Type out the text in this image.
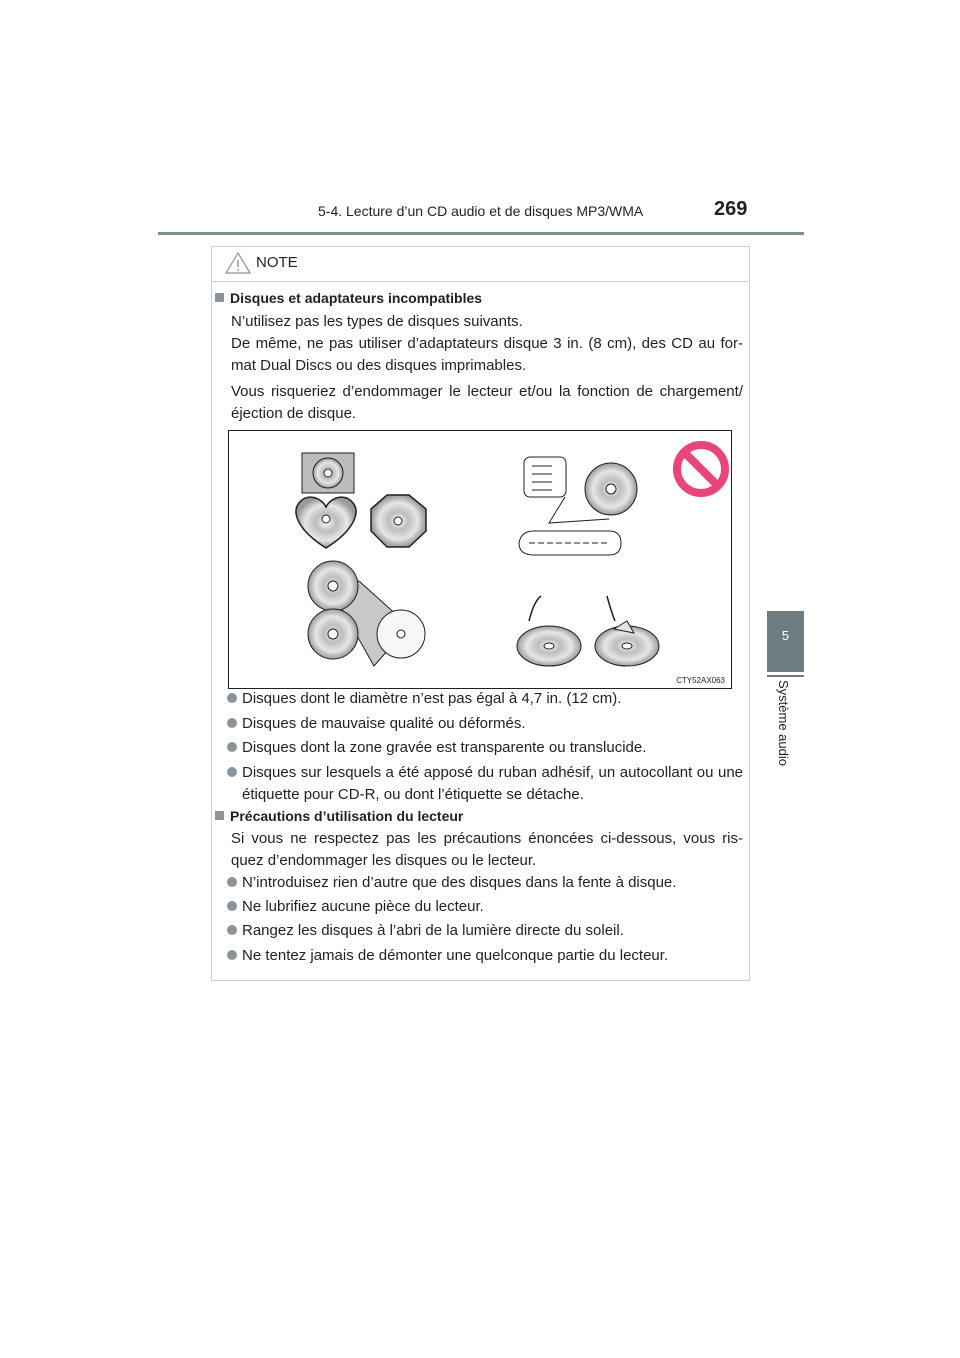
5-4. Lecture d’un CD audio et de disques MP3/WMA	269
5
Système audio
NOTE
Disques et adaptateurs incompatibles
N’utilisez pas les types de disques suivants.
De même, ne pas utiliser d’adaptateurs disque 3 in. (8 cm), des CD au for-mat Dual Discs ou des disques imprimables.
Vous risqueriez d’endommager le lecteur et/ou la fonction de chargement/éjection de disque.
CTY52AX063
Disques dont le diamètre n’est pas égal à 4,7 in. (12 cm).
Disques de mauvaise qualité ou déformés.
Disques dont la zone gravée est transparente ou translucide.
Disques sur lesquels a été apposé du ruban adhésif, un autocollant ou une étiquette pour CD-R, ou dont l’étiquette se détache.
Précautions d’utilisation du lecteur
Si vous ne respectez pas les précautions énoncées ci-dessous, vous ris-quez d’endommager les disques ou le lecteur.
N’introduisez rien d’autre que des disques dans la fente à disque.
Ne lubrifiez aucune pièce du lecteur.
Rangez les disques à l’abri de la lumière directe du soleil.
Ne tentez jamais de démonter une quelconque partie du lecteur.
